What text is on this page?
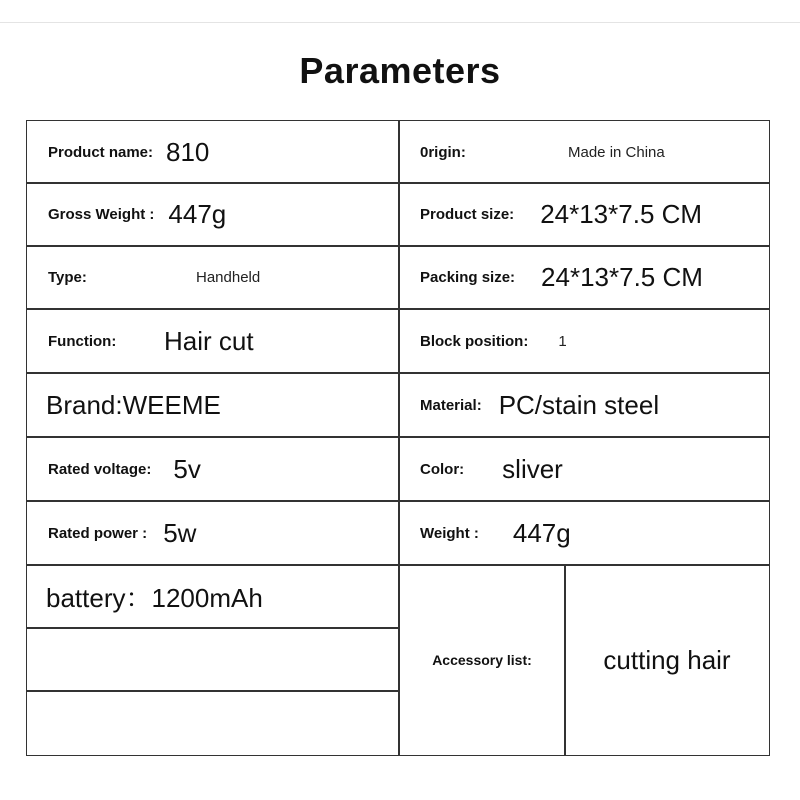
Parameters
Product name: 810	0rigin:	Made in China
Gross Weight : 447g	Product size: 24*13*7.5 CM
Type:	Handheld	Packing size: 24*13*7.5 CM
Function:	Hair cut	Block position: 1
Brand:WEEME	Material: PC/stain steel
Rated voltage: 5v	Color: sliver
Rated power : 5w	Weight : 447g
battery：1200mAh
Accessory list:	cutting hair
